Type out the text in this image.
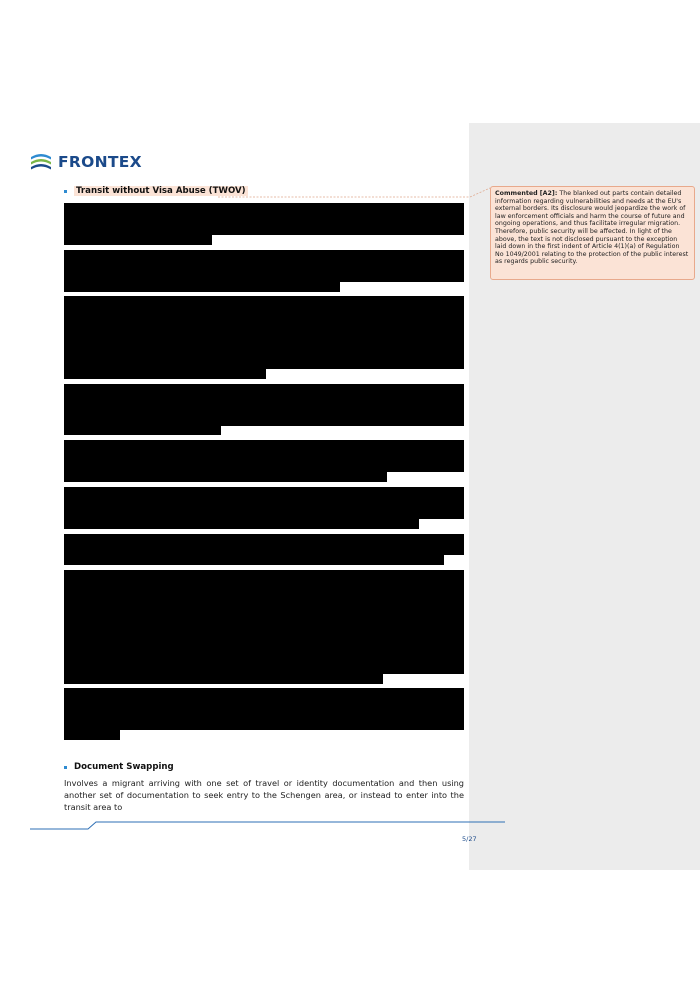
FRONTEX
Transit without Visa Abuse (TWOV)
Document Swapping
Involves a migrant arriving with one set of travel or identity documentation and then using another set of documentation to seek entry to the Schengen area, or instead to enter into the transit area to
5/27
Commented [A2]: The blanked out parts contain detailed information regarding vulnerabilities and needs at the EU's external borders. Its disclosure would jeopardize the work of law enforcement officials and harm the course of future and ongoing operations, and thus facilitate irregular migration. Therefore, public security will be affected. In light of the above, the text is not disclosed pursuant to the exception laid down in the first indent of Article 4(1)(a) of Regulation No 1049/2001 relating to the protection of the public interest as regards public security.
